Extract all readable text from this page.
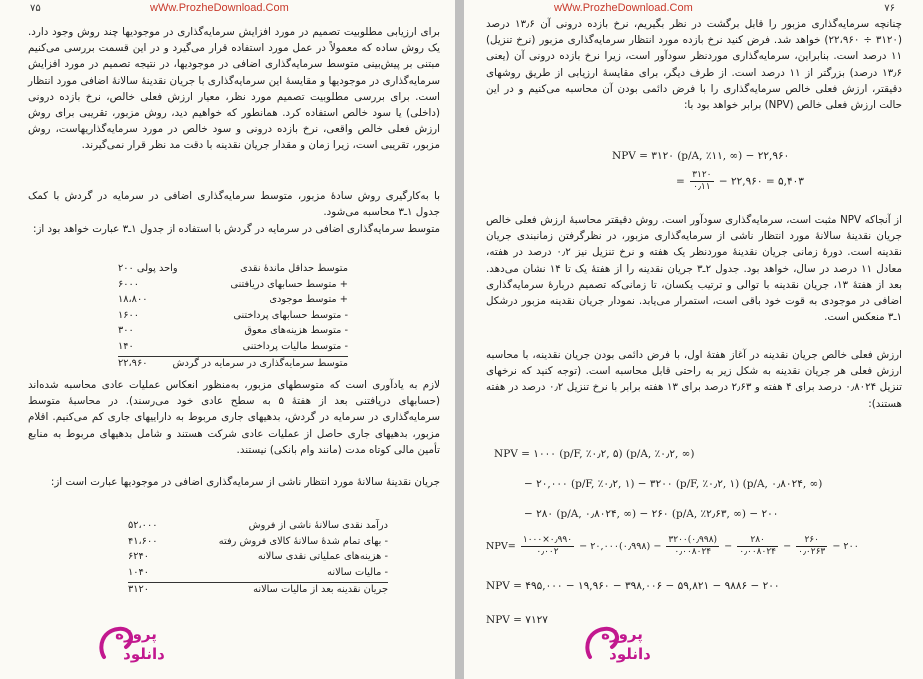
۷۵	wWw.ProzheDownload.Com

برای ارزیابی مطلوبیت تصمیم در مورد افزایش سرمایه‌گذاری در موجودیها چند روش وجود دارد. یک روش ساده که معمولاً در عمل مورد استفاده قرار می‌گیرد و در این قسمت بررسی می‌کنیم مبتنی بر پیش‌بینی متوسط سرمایه‌گذاری اضافی در موجودیها، در نتیجه تصمیم در مورد افزایش سرمایه‌گذاری در موجودیها و مقایسهٔ این سرمایه‌گذاری با جریان نقدینهٔ سالانهٔ اضافی مورد انتظار است. برای بررسی مطلوبیت تصمیم مورد نظر، معیار ارزش فعلی خالص، نرخ بازده درونی (داخلی) یا سود خالص استفاده کرد. همانطور که خواهیم دید، روش مزبور، تقریبی برای روش ارزش فعلی خالص واقعی، نرخ بازده درونی و سود خالص در مورد سرمایه‌گذاریهاست، روش مزبور، تقریبی است، زیرا زمان و مقدار جریان نقدینه با دقت مد نظر قرار نمی‌گیرند.

با به‌کارگیری روش سادهٔ مزبور، متوسط سرمایه‌گذاری اضافی در سرمایه در گردش با کمک جدول ۱ـ۳ محاسبه می‌شود.

متوسط سرمایه‌گذاری اضافی در سرمایه در گردش با استفاده از جدول ۱ـ۳ عبارت خواهد بود از:

متوسط حداقل ماندهٔ نقدی
۲۰۰ واحد پولی
+ متوسط حسابهای دریافتنی
۶۰۰۰
+ متوسط موجودی
۱۸،۸۰۰
- متوسط حسابهای پرداختنی
۱۶۰۰
- متوسط هزینه‌های معوق
۳۰۰
- متوسط مالیات پرداختنی
۱۴۰
متوسط سرمایه‌گذاری در سرمایه در گردش
۲۲،۹۶۰

لازم به یادآوری است که متوسطهای مزبور، به‌منظور انعکاس عملیات عادی محاسبه شده‌اند (حسابهای دریافتنی بعد از هفتهٔ ۵ به سطح عادی خود می‌رسند). در محاسبهٔ متوسط سرمایه‌گذاری در سرمایه در گردش، بدهیهای جاری مربوط به داراییهای جاری کم می‌کنیم. اقلام مزبور، بدهیهای جاری حاصل از عملیات عادی شرکت هستند و شامل بدهیهای مربوط به منابع تأمین مالی کوتاه مدت (مانند وام بانکی) نیستند.

جریان نقدینهٔ سالانهٔ مورد انتظار ناشی از سرمایه‌گذاری اضافی در موجودیها عبارت است از:

درآمد نقدی سالانهٔ ناشی از فروش
۵۲،۰۰۰
- بهای تمام شدهٔ سالانهٔ کالای فروش رفته
۴۱،۶۰۰
- هزینه‌های عملیاتی نقدی سالانه
۶۲۴۰
- مالیات سالانه
۱۰۴۰
جریان نقدینه بعد از مالیات سالانه
۳۱۲۰
پروژه
دانلود
wWw.ProzheDownload.Com	۷۶

چنانچه سرمایه‌گذاری مزبور را قابل برگشت در نظر بگیریم، نرخ بازده درونی آن ۱۳٫۶ درصد (۳۱۲۰ ÷ ۲۲،۹۶۰) خواهد شد. فرض کنید نرخ بازده مورد انتظار سرمایه‌گذاری مزبور (نرخ تنزیل) ۱۱ درصد است. بنابراین، سرمایه‌گذاری موردنظر سودآور است، زیرا نرخ بازده درونی آن (یعنی ۱۳٫۶ درصد) بزرگتر از ۱۱ درصد است. از طرف دیگر، برای مقایسهٔ ارزیابی از طریق روشهای دقیقتر، ارزش فعلی خالص سرمایه‌گذاری را با فرض دائمی بودن آن محاسبه می‌کنیم و در این حالت ارزش فعلی خالص (NPV) برابر خواهد بود با:

NPV = ۳۱۲۰ (p/A, ٪۱۱, ∞) − ۲۲,۹۶۰
= $\frac{۳۱۲۰}{۰٫۱۱}$ − ۲۲,۹۶۰ = ۵,۴۰۳

از آنجاکه NPV مثبت است، سرمایه‌گذاری سودآور است. روش دقیقتر محاسبهٔ ارزش فعلی خالص جریان نقدینهٔ سالانهٔ مورد انتظار ناشی از سرمایه‌گذاری مزبور، در نظرگرفتن زمانبندی جریان نقدینه است. دورهٔ زمانی جریان نقدینهٔ موردنظر یک هفته و نرخ تنزیل نیز ۰٫۲ درصد در هفته، معادل ۱۱ درصد در سال، خواهد بود. جدول ۲ـ۳ جریان نقدینه را از هفتهٔ یک تا ۱۴ نشان می‌دهد. بعد از هفتهٔ ۱۳، جریان نقدینه با توالی و ترتیب یکسان، تا زمانی‌که تصمیم دربارهٔ سرمایه‌گذاری اضافی در موجودی به قوت خود باقی است، استمرار می‌یابد. نمودار جریان نقدینه مزبور درشکل ۱ـ۳ منعکس است.

ارزش فعلی خالص جریان نقدینه در آغاز هفتهٔ اول، با فرض دائمی بودن جریان نقدینه، با محاسبه ارزش فعلی هر جریان نقدینه به شکل زیر به راحتی قابل محاسبه است. (توجه کنید که نرخهای تنزیل ۰٫۸۰۲۴ درصد برای ۴ هفته و ۲٫۶۳ درصد برای ۱۳ هفته برابر با نرخ تنزیل ۰٫۲ درصد در هفته هستند):

NPV = ۱۰۰۰ (p/F, ٪۰٫۲, ۵) (p/A, ٪۰٫۲, ∞)
− ۲۰,۰۰۰ (p/F, ٪۰٫۲, ۱) − ۳۲۰۰ (p/F, ٪۰٫۲, ۱) (p/A, ۰٫۸۰۲۴, ∞)
− ۲۸۰ (p/A, ۰٫۸۰۲۴, ∞) − ۲۶۰ (p/A, ٪۲٫۶۳, ∞) − ۲۰۰
$NPV= \frac{۱۰۰۰\times ۰٫۹۹۰}{۰٫۰۰۲}$ − ۲۰,۰۰۰(۰٫۹۹۸) − $\frac{۳۲۰۰(۰٫۹۹۸)}{۰٫۰۰۸۰۲۴} - \frac{۲۸۰}{۰٫۰۰۸۰۲۴} - \frac{۲۶۰}{۰٫۰۲۶۳}$ − ۲۰۰
NPV = ۴۹۵,۰۰۰ − ۱۹,۹۶۰ − ۳۹۸,۰۰۶ − ۵۹,۸۲۱ − ۹۸۸۶ − ۲۰۰
NPV = ۷۱۲۷
پروژه
دانلود
